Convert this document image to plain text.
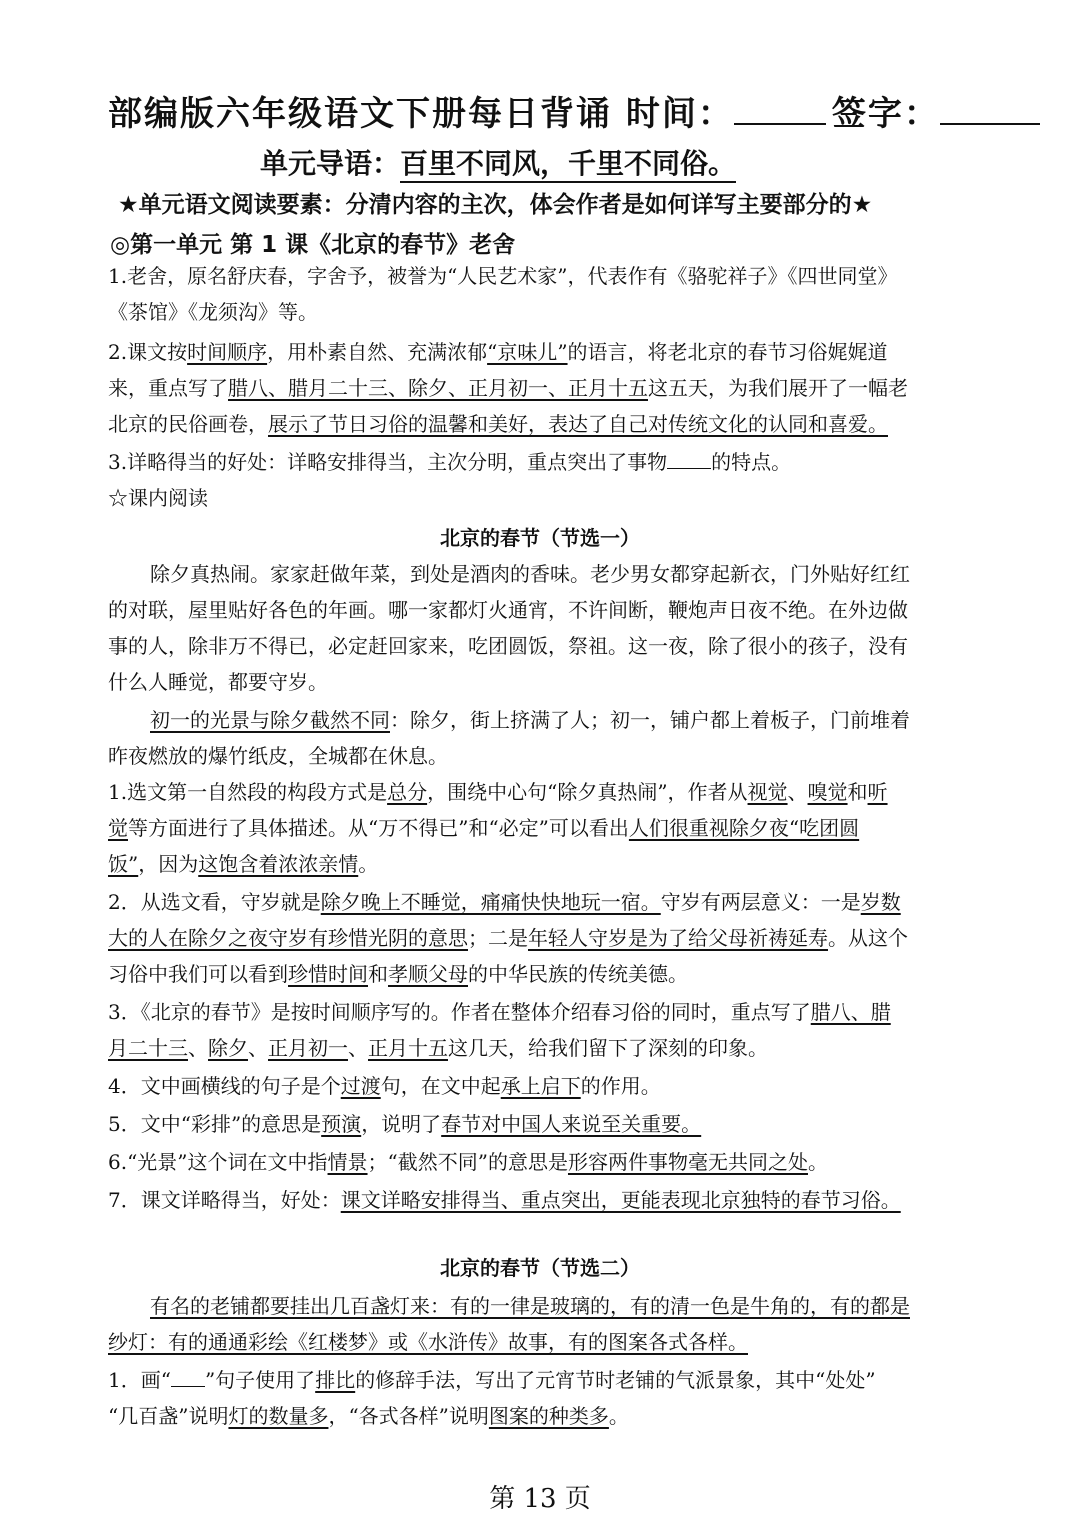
部编版六年级语文下册每日背诵 时间：	签字：
单元导语：百里不同风，千里不同俗。
★单元语文阅读要素：分清内容的主次，体会作者是如何详写主要部分的★
◎第一单元 第 1 课《北京的春节》老舍
1.老舍，原名舒庆春，字舍予，被誉为“人民艺术家”，代表作有《骆驼祥子》《四世同堂》
《茶馆》《龙须沟》等。
2.课文按时间顺序，用朴素自然、充满浓郁“京味儿”的语言，将老北京的春节习俗娓娓道
来，重点写了腊八、腊月二十三、除夕、正月初一、正月十五这五天，为我们展开了一幅老
北京的民俗画卷，展示了节日习俗的温馨和美好，表达了自己对传统文化的认同和喜爱。
3.详略得当的好处：详略安排得当，主次分明，重点突出了事物 的特点。
☆课内阅读
北京的春节（节选一）
除夕真热闹。家家赶做年菜，到处是酒肉的香味。老少男女都穿起新衣，门外贴好红红
的对联，屋里贴好各色的年画。哪一家都灯火通宵，不许间断，鞭炮声日夜不绝。在外边做
事的人，除非万不得已，必定赶回家来，吃团圆饭，祭祖。这一夜，除了很小的孩子，没有
什么人睡觉，都要守岁。
初一的光景与除夕截然不同：除夕，街上挤满了人；初一，铺户都上着板子，门前堆着
昨夜燃放的爆竹纸皮，全城都在休息。
1.选文第一自然段的构段方式是总分，围绕中心句“除夕真热闹”，作者从视觉、嗅觉和听
觉等方面进行了具体描述。从“万不得已”和“必定”可以看出人们很重视除夕夜“吃团圆
饭”，因为这饱含着浓浓亲情。
2．从选文看，守岁就是除夕晚上不睡觉，痛痛快快地玩一宿。守岁有两层意义：一是岁数
大的人在除夕之夜守岁有珍惜光阴的意思；二是年轻人守岁是为了给父母祈祷延寿。从这个
习俗中我们可以看到珍惜时间和孝顺父母的中华民族的传统美德。
3．《北京的春节》是按时间顺序写的。作者在整体介绍春习俗的同时，重点写了腊八、腊
月二十三、除夕、正月初一、正月十五这几天，给我们留下了深刻的印象。
4．文中画横线的句子是个过渡句，在文中起承上启下的作用。
5．文中“彩排”的意思是预演，说明了春节对中国人来说至关重要。
6.“光景”这个词在文中指情景；“截然不同”的意思是形容两件事物毫无共同之处。
7．课文详略得当，好处：课文详略安排得当、重点突出，更能表现北京独特的春节习俗。
北京的春节（节选二）
有名的老铺都要挂出几百盏灯来：有的一律是玻璃的，有的清一色是牛角的，有的都是
纱灯：有的通通彩绘《红楼梦》或《水浒传》故事，有的图案各式各样。
1．画“ ”句子使用了排比的修辞手法，写出了元宵节时老铺的气派景象，其中“处处”
“几百盏”说明灯的数量多，“各式各样”说明图案的种类多。
第 13 页
